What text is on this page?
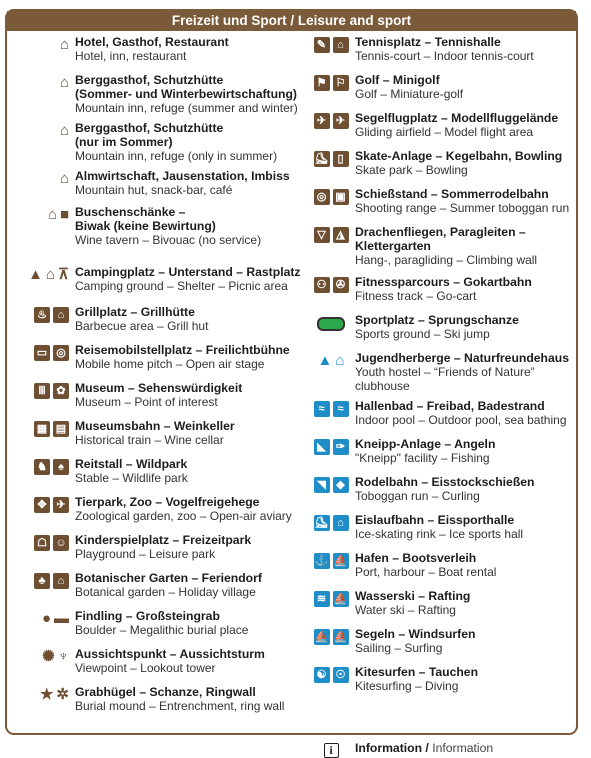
Freizeit und Sport / Leisure and sport
⌂ Hotel, Gasthof, Restaurant
Hotel, inn, restaurant
⌂ Berggasthof, Schutzhütte
(Sommer- und Winterbewirtschaftung)
Mountain inn, refuge (summer and winter)
⌂ Berggasthof, Schutzhütte
(nur im Sommer)
Mountain inn, refuge (only in summer)
⌂ Almwirtschaft, Jausenstation, Imbiss
Mountain hut, snack-bar, café
⌂ ■ Buschenschänke –
Biwak (keine Bewirtung)
Wine tavern – Bivouac (no service)
▲ ⌂ ⊼ Campingplatz – Unterstand – Rastplatz
Camping ground – Shelter – Picnic area
♨ ⌂ Grillplatz – Grillhütte
Barbecue area – Grill hut
▭ ◎ Reisemobilstellplatz – Freilichtbühne
Mobile home pitch – Open air stage
Ⅲ ✿ Museum – Sehenswürdigkeit
Museum – Point of interest
▦ ▤ Museumsbahn – Weinkeller
Historical train – Wine cellar
♞	♠ Reitstall – Wildpark
Stable – Wildlife park
✥ ✈ Tierpark, Zoo – Vogelfreigehege
Zoological garden, zoo – Open-air aviary
☖ ☺ Kinderspielplatz – Freizeitpark
Playground – Leisure park
♣	⌂ Botanischer Garten – Feriendorf
Botanical garden – Holiday village
● ▬ Findling – Großsteingrab
Boulder – Megalithic burial place
✺ ♆ Aussichtspunkt – Aussichtsturm
Viewpoint – Lookout tower
★ ✲ Grabhügel – Schanze, Ringwall
Burial mound – Entrenchment, ring wall
✎	⌂ Tennisplatz – Tennishalle
Tennis-court – Indoor tennis-court
⚑ ⚐ Golf – Minigolf
Golf – Miniature-golf
✈ ✈ Segelflugplatz – Modellfluggelände
Gliding airfield – Model flight area
⛸ ▯ Skate-Anlage – Kegelbahn, Bowling
Skate park – Bowling
◎ ▣ Schießstand – Sommerrodelbahn
Shooting range – Summer toboggan run
▽ ◮ Drachenfliegen, Paragleiten –
Klettergarten
Hang-, paragliding – Climbing wall
⚇ ✇ Fitnessparcours – Gokartbahn
Fitness track – Go-cart
Sportplatz – Sprungschanze
Sports ground – Ski jump
▲ ⌂ Jugendherberge – Naturfreundehaus
Youth hostel – “Friends of Nature”
clubhouse
≈	≈ Hallenbad – Freibad, Badestrand
Indoor pool – Outdoor pool, sea bathing
◣ ✑ Kneipp-Anlage – Angeln
"Kneipp" facility – Fishing
◥ ◆ Rodelbahn – Eisstockschießen
Toboggan run – Curling
⛸ ⌂ Eislaufbahn – Eissporthalle
Ice-skating rink – Ice sports hall
⚓ ⛵ Hafen – Bootsverleih
Port, harbour – Boat rental
≋ ⛵ Wasserski – Rafting
Water ski – Rafting
⛵ ⛵ Segeln – Windsurfen
Sailing – Surfing
☯ ☉ Kitesurfen – Tauchen
Kitesurfing – Diving
i	Information / Information
